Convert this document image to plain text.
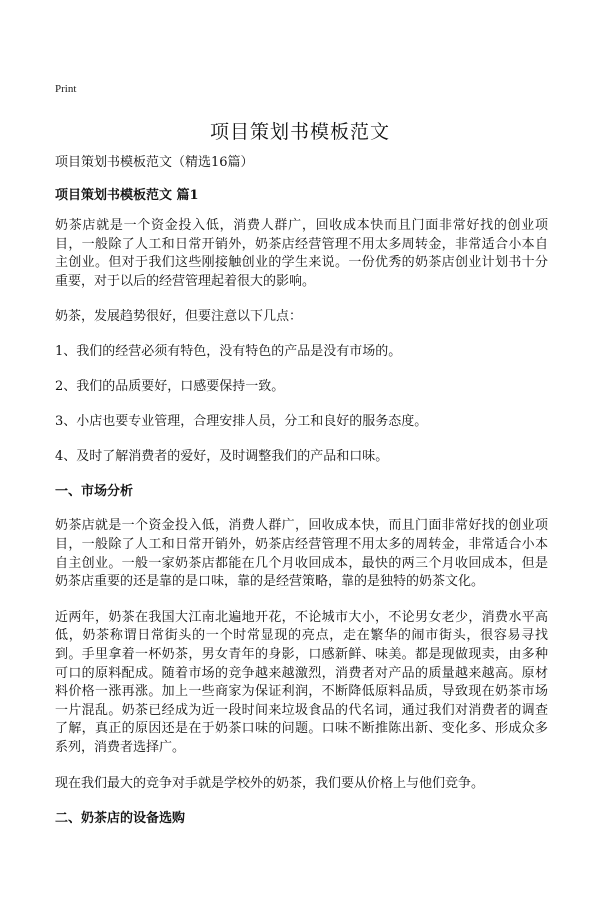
Print
项目策划书模板范文

项目策划书模板范文（精选16篇）

项目策划书模板范文 篇1

奶茶店就是一个资金投入低，消费人群广，回收成本快而且门面非常好找的创业项目，一般除了人工和日常开销外，奶茶店经营管理不用太多周转金，非常适合小本自主创业。但对于我们这些刚接触创业的学生来说。一份优秀的奶茶店创业计划书十分重要，对于以后的经营管理起着很大的影响。

奶茶，发展趋势很好，但要注意以下几点：

1、我们的经营必须有特色，没有特色的产品是没有市场的。

2、我们的品质要好，口感要保持一致。

3、小店也要专业管理，合理安排人员，分工和良好的服务态度。

4、及时了解消费者的爱好，及时调整我们的产品和口味。

一、市场分析

奶茶店就是一个资金投入低，消费人群广，回收成本快，而且门面非常好找的创业项目，一般除了人工和日常开销外，奶茶店经营管理不用太多的周转金，非常适合小本自主创业。一般一家奶茶店都能在几个月收回成本，最快的两三个月收回成本，但是奶茶店重要的还是靠的是口味，靠的是经营策略，靠的是独特的奶茶文化。

近两年，奶茶在我国大江南北遍地开花，不论城市大小，不论男女老少，消费水平高低，奶茶称谓日常街头的一个时常显现的亮点，走在繁华的闹市街头，很容易寻找到。手里拿着一杯奶茶，男女青年的身影，口感新鲜、味美。都是现做现卖，由多种可口的原料配成。随着市场的竞争越来越激烈，消费者对产品的质量越来越高。原材料价格一涨再涨。加上一些商家为保证利润，不断降低原料品质，导致现在奶茶市场一片混乱。奶茶已经成为近一段时间来垃圾食品的代名词，通过我们对消费者的调查了解，真正的原因还是在于奶茶口味的问题。口味不断推陈出新、变化多、形成众多系列，消费者选择广。

现在我们最大的竞争对手就是学校外的奶茶，我们要从价格上与他们竞争。

二、奶茶店的设备选购
